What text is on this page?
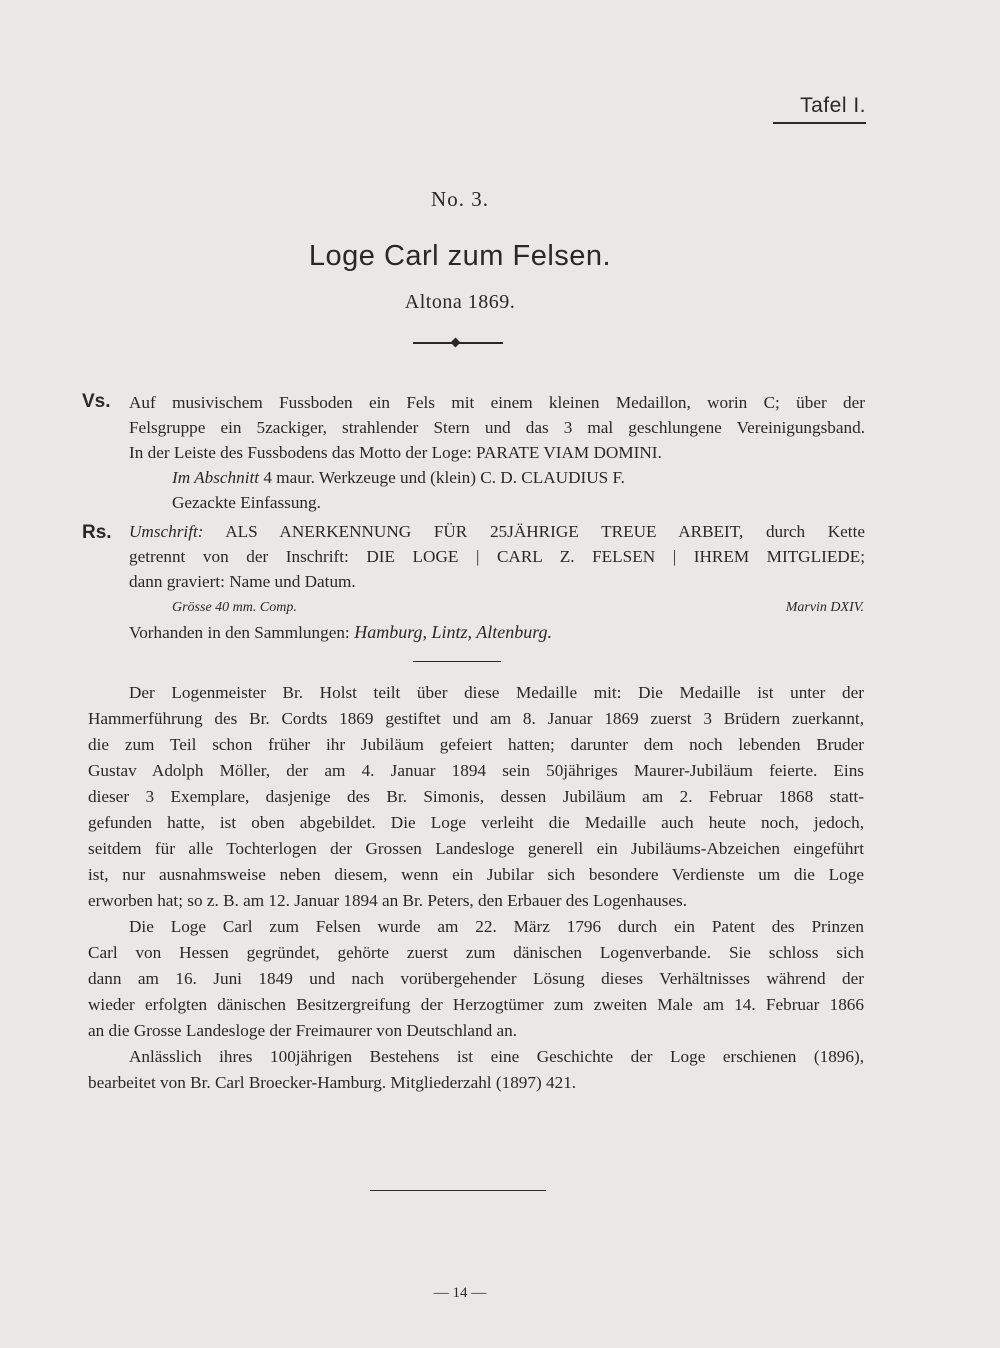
Tafel I.
No. 3.
Loge Carl zum Felsen.
Altona 1869.
Vs. Auf musivischem Fussboden ein Fels mit einem kleinen Medaillon, worin C; über der
Felsgruppe ein 5zackiger, strahlender Stern und das 3 mal geschlungene Vereinigungsband.
In der Leiste des Fussbodens das Motto der Loge: PARATE VIAM DOMINI.
Im Abschnitt 4 maur. Werkzeuge und (klein) C. D. CLAUDIUS F.
Gezackte Einfassung.
Rs. Umschrift: ALS ANERKENNUNG FÜR 25JÄHRIGE TREUE ARBEIT, durch Kette
getrennt von der Inschrift: DIE LOGE | CARL Z. FELSEN | IHREM MITGLIEDE;
dann graviert: Name und Datum.
Grösse 40 mm. Comp.	Marvin DXIV.
Vorhanden in den Sammlungen: Hamburg, Lintz, Altenburg.
Der Logenmeister Br. Holst teilt über diese Medaille mit: Die Medaille ist unter der
Hammerführung des Br. Cordts 1869 gestiftet und am 8. Januar 1869 zuerst 3 Brüdern zuerkannt,
die zum Teil schon früher ihr Jubiläum gefeiert hatten; darunter dem noch lebenden Bruder
Gustav Adolph Möller, der am 4. Januar 1894 sein 50jähriges Maurer-Jubiläum feierte. Eins
dieser 3 Exemplare, dasjenige des Br. Simonis, dessen Jubiläum am 2. Februar 1868 statt-
gefunden hatte, ist oben abgebildet. Die Loge verleiht die Medaille auch heute noch, jedoch,
seitdem für alle Tochterlogen der Grossen Landesloge generell ein Jubiläums-Abzeichen eingeführt
ist, nur ausnahmsweise neben diesem, wenn ein Jubilar sich besondere Verdienste um die Loge
erworben hat; so z. B. am 12. Januar 1894 an Br. Peters, den Erbauer des Logenhauses.
Die Loge Carl zum Felsen wurde am 22. März 1796 durch ein Patent des Prinzen
Carl von Hessen gegründet, gehörte zuerst zum dänischen Logenverbande. Sie schloss sich
dann am 16. Juni 1849 und nach vorübergehender Lösung dieses Verhältnisses während der
wieder erfolgten dänischen Besitzergreifung der Herzogtümer zum zweiten Male am 14. Februar 1866
an die Grosse Landesloge der Freimaurer von Deutschland an.
Anlässlich ihres 100jährigen Bestehens ist eine Geschichte der Loge erschienen (1896),
bearbeitet von Br. Carl Broecker-Hamburg. Mitgliederzahl (1897) 421.
— 14 —
